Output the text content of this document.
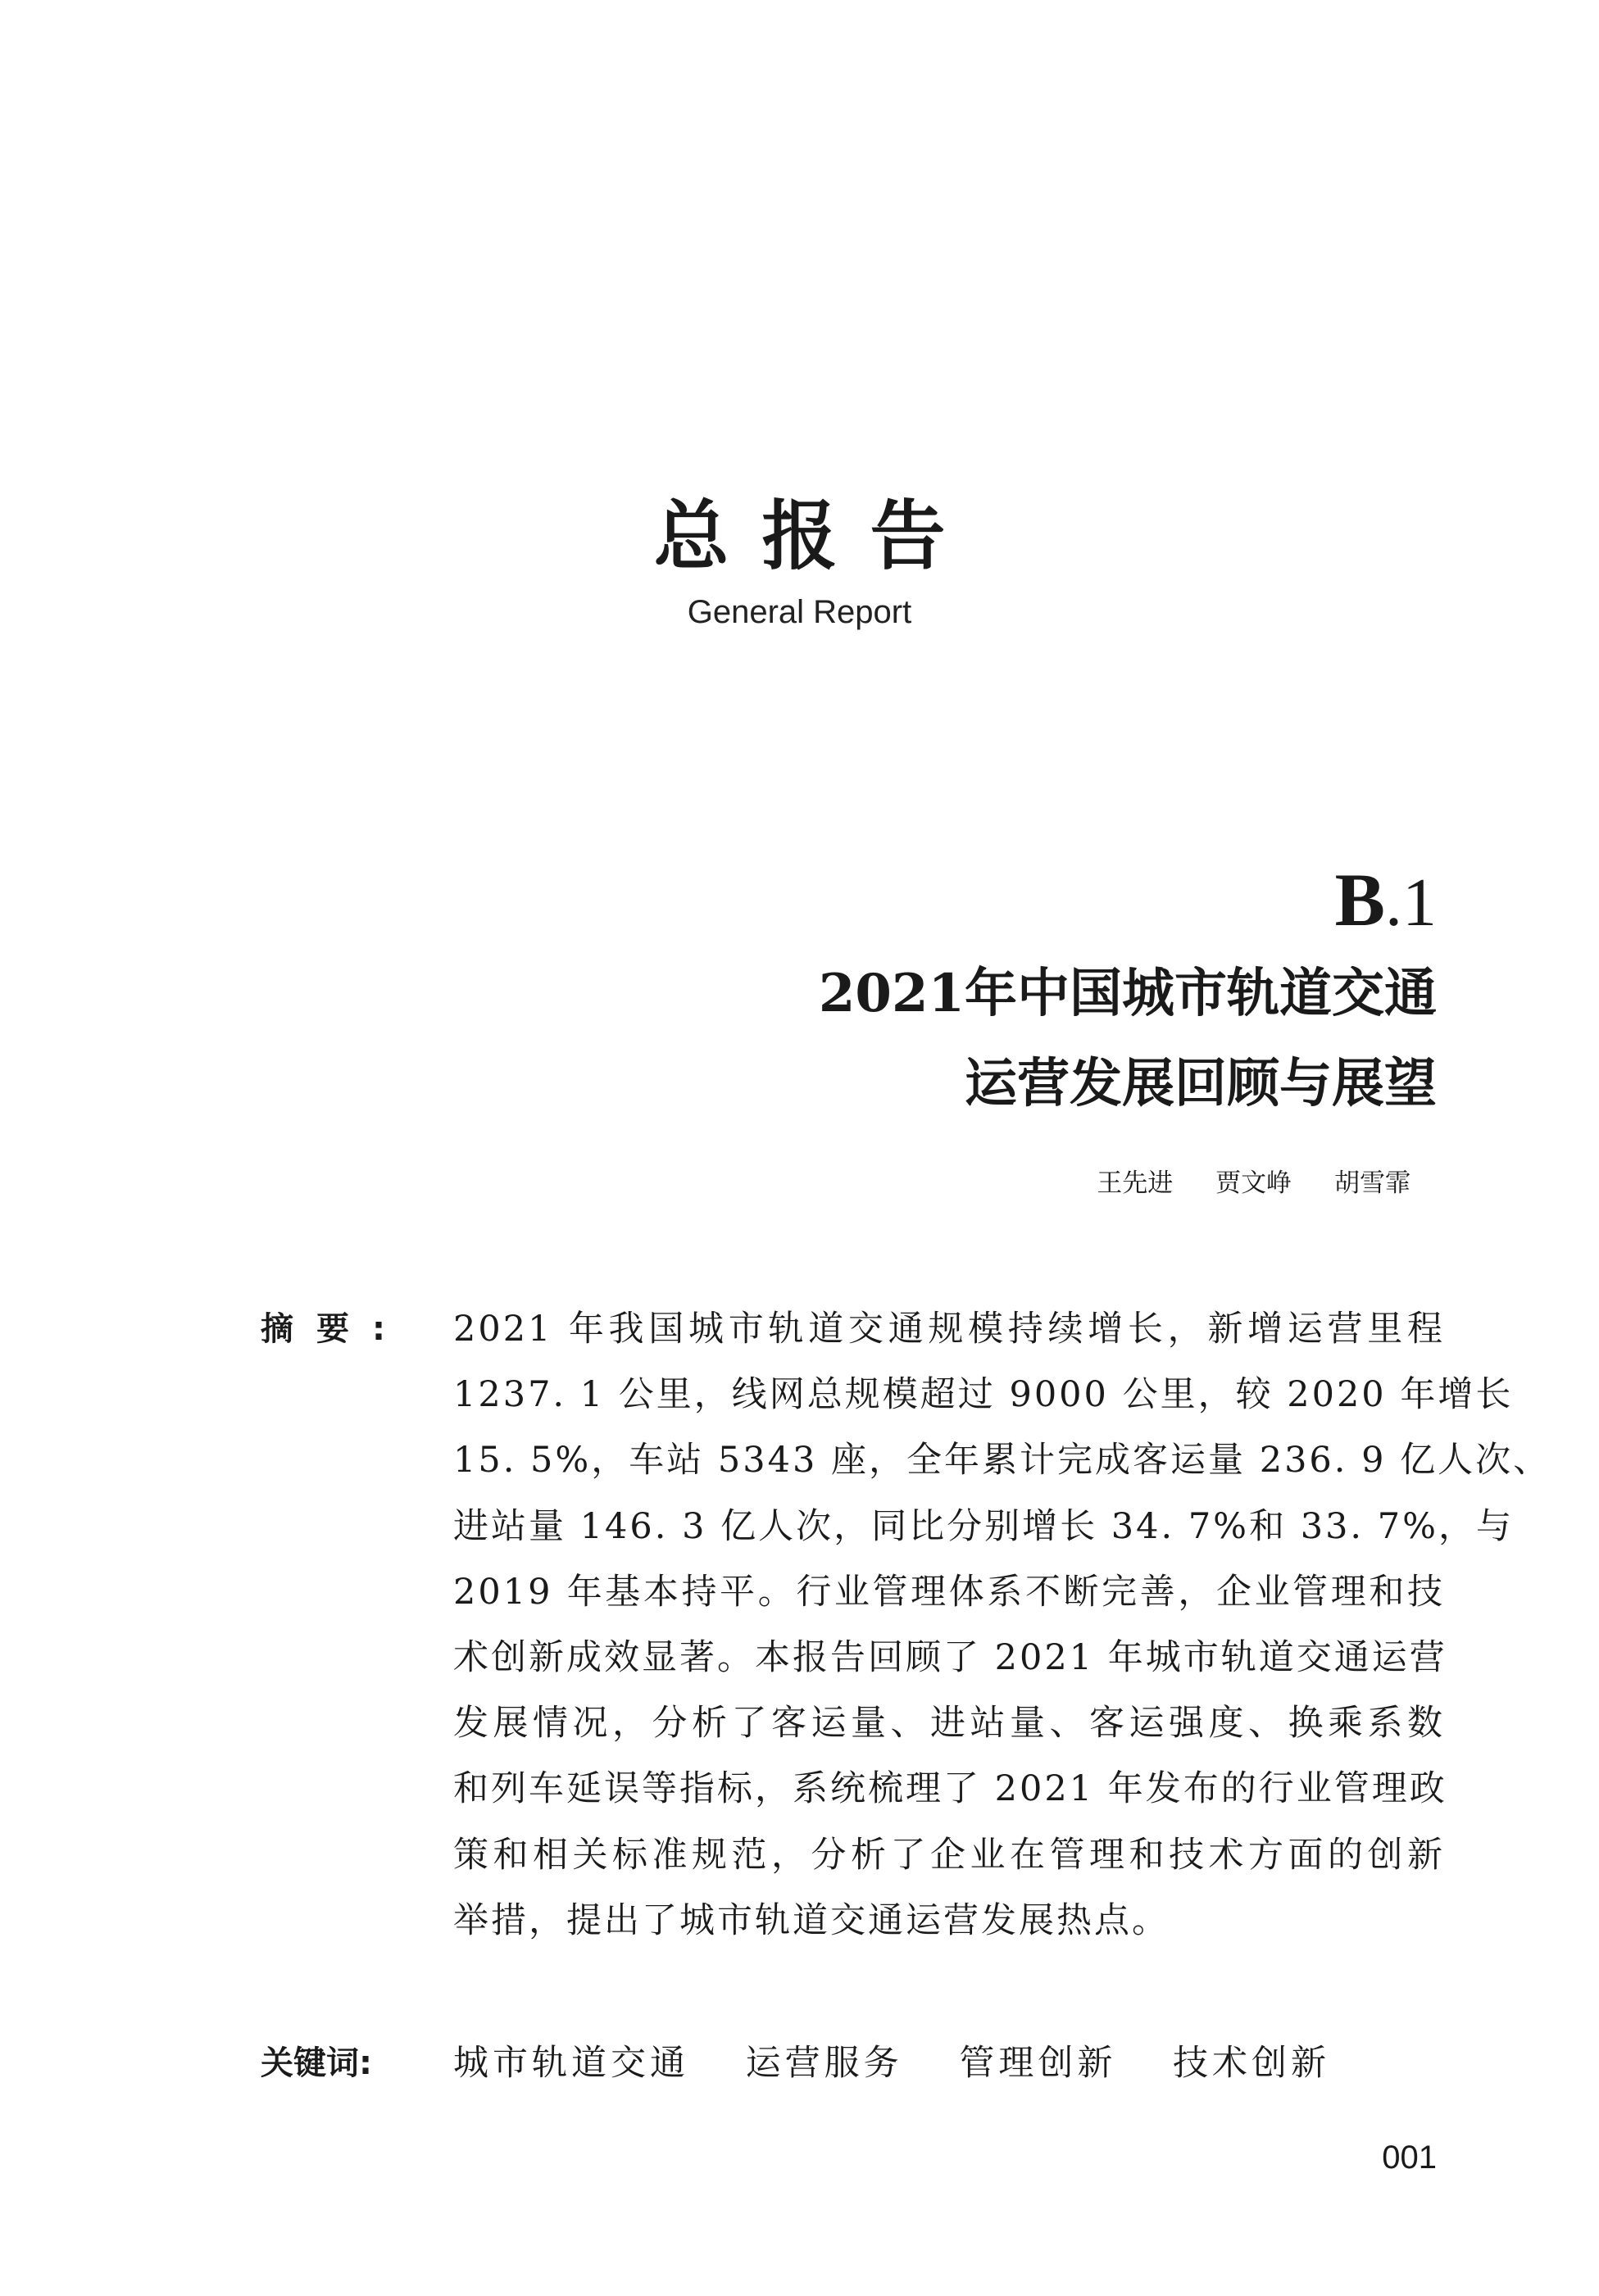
总报告
General Report
B.1
2021年中国城市轨道交通
运营发展回顾与展望
王先进 贾文峥 胡雪霏
摘要: 2021 年我国城市轨道交通规模持续增长，新增运营里程
1237. 1 公里，线网总规模超过 9000 公里，较 2020 年增长
15. 5%，车站 5343 座，全年累计完成客运量 236. 9 亿人次、
进站量 146. 3 亿人次，同比分别增长 34. 7%和 33. 7%，与
2019 年基本持平。行业管理体系不断完善，企业管理和技
术创新成效显著。本报告回顾了 2021 年城市轨道交通运营
发展情况，分析了客运量、进站量、客运强度、换乘系数
和列车延误等指标，系统梳理了 2021 年发布的行业管理政
策和相关标准规范，分析了企业在管理和技术方面的创新
举措，提出了城市轨道交通运营发展热点。
关键词: 城市轨道交通 运营服务 管理创新 技术创新
001
